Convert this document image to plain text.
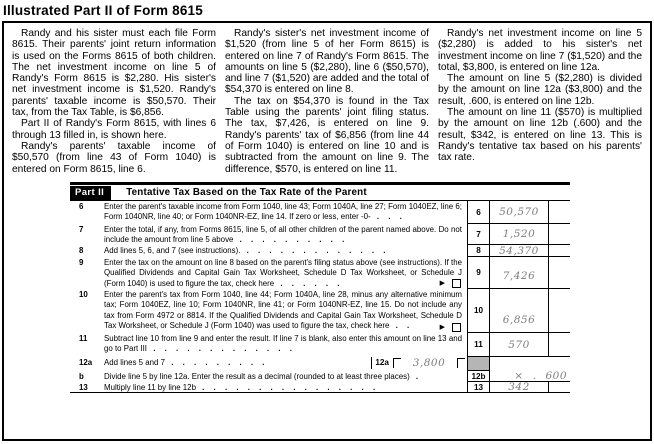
Illustrated Part II of Form 8615

Randy and his sister must each file Form 8615. Their parents' joint return information is used on the Forms 8615 of both children. The net investment income on line 5 of Randy's Form 8615 is $2,280. His sister's net investment income is $1,520. Randy's parents' taxable income is $50,570. Their tax, from the Tax Table, is $6,856.

Part II of Randy's Form 8615, with lines 6 through 13 filled in, is shown here.

Randy's parents' taxable income of $50,570 (from line 43 of Form 1040) is entered on Form 8615, line 6.

Randy's sister's net investment income of $1,520 (from line 5 of her Form 8615) is entered on line 7 of Randy's Form 8615. The amounts on line 5 ($2,280), line 6 ($50,570), and line 7 ($1,520) are added and the total of $54,370 is entered on line 8.

The tax on $54,370 is found in the Tax Table using the parents' joint filing status. The tax, $7,426, is entered on line 9. Randy's parents' tax of $6,856 (from line 44 of Form 1040) is entered on line 10 and is subtracted from the amount on line 9. The difference, $570, is entered on line 11.

Randy's net investment income on line 5 ($2,280) is added to his sister's net investment income on line 7 ($1,520) and the total, $3,800, is entered on line 12a.

The amount on line 5 ($2,280) is divided by the amount on line 12a ($3,800) and the result, .600, is entered on line 12b.

The amount on line 11 ($570) is multiplied by the amount on line 12b (.600) and the result, $342, is entered on line 13. This is Randy's tentative tax based on his parents' tax rate.

Part II	Tentative Tax Based on the Tax Rate of the Parent
6	Enter the parent's taxable income from Form 1040, line 43; Form 1040A, line 27; Form 1040EZ, line 6; Form 1040NR, line 40; or Form 1040NR-EZ, line 14. If zero or less, enter -0- . . .
6	50,570
7	Enter the total, if any, from Forms 8615, line 5, of all other children of the parent named above. Do not include the amount from line 5 above . . . . . . . . . .
7	1,520
8	Add lines 5, 6, and 7 (see instructions). . . . . . . . . . . . . .	8	54,370
9	Enter the tax on the amount on line 8 based on the parent's filing status above (see instructions). If the Qualified Dividends and Capital Gain Tax Worksheet, Schedule D Tax Worksheet, or Schedule J (Form 1040) is used to figure the tax, check here . . . . . .	▶
9	7,426
10	Enter the parent's tax from Form 1040, line 44; Form 1040A, line 28, minus any alternative minimum tax; Form 1040EZ, line 10; Form 1040NR, line 41; or Form 1040NR-EZ, line 15. Do not include any tax from Form 4972 or 8814. If the Qualified Dividends and Capital Gain Tax Worksheet, Schedule D Tax Worksheet, or Schedule J (Form 1040) was used to figure the tax, check here . .	▶
10
6,856
11	Subtract line 10 from line 9 and enter the result. If line 7 is blank, also enter this amount on line 13 and go to Part III . . . . . . . . . . . . .	11	570
12a	Add lines 5 and 7 . . . . . . . . .	12a	3,800
b	Divide line 5 by line 12a. Enter the result as a decimal (rounded to at least three places) .	12b	× . 600
13	Multiply line 11 by line 12b . . . . . . . . . . . . . . . .	13	342
